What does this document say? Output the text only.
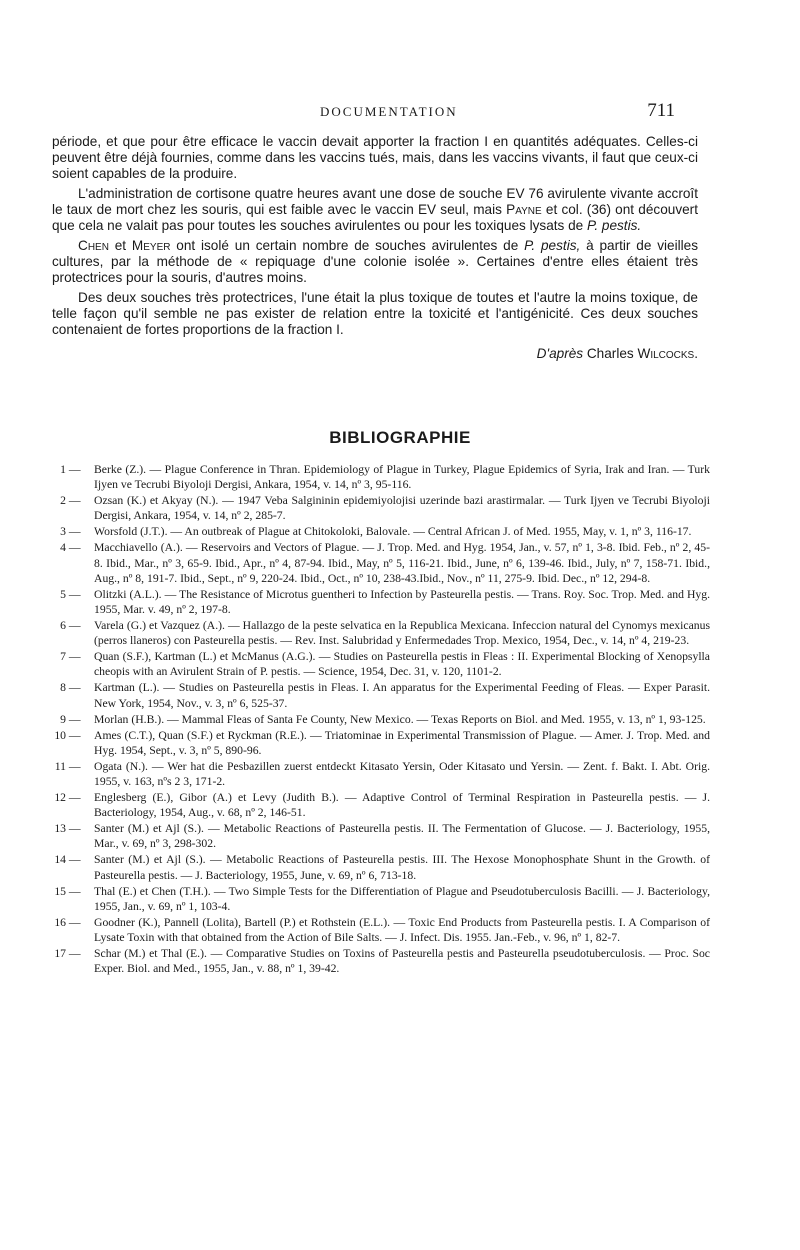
DOCUMENTATION	711

période, et que pour être efficace le vaccin devait apporter la fraction I en quantités adéquates. Celles-ci peuvent être déjà fournies, comme dans les vaccins tués, mais, dans les vaccins vivants, il faut que ceux-ci soient capables de la produire.

L'administration de cortisone quatre heures avant une dose de souche EV 76 avirulente vivante accroît le taux de mort chez les souris, qui est faible avec le vaccin EV seul, mais Payne et col. (36) ont découvert que cela ne valait pas pour toutes les souches avirulentes ou pour les toxiques lysats de P. pestis.

Chen et Meyer ont isolé un certain nombre de souches avirulentes de P. pestis, à partir de vieilles cultures, par la méthode de « repiquage d'une colonie isolée ». Certaines d'entre elles étaient très protectrices pour la souris, d'autres moins.

Des deux souches très protectrices, l'une était la plus toxique de toutes et l'autre la moins toxique, de telle façon qu'il semble ne pas exister de relation entre la toxicité et l'antigénicité. Ces deux souches contenaient de fortes proportions de la fraction I.

D'après Charles Wilcocks.

BIBLIOGRAPHIE
1 —	Berke (Z.). — Plague Conference in Thran. Epidemiology of Plague in Turkey, Plague Epidemics of Syria, Irak and Iran. — Turk Ijyen ve Tecrubi Biyoloji Dergisi, Ankara, 1954, v. 14, nº 3, 95-116.
2 —	Ozsan (K.) et Akyay (N.). — 1947 Veba Salgininin epidemiyolojisi uzerinde bazi arastirmalar. — Turk Ijyen ve Tecrubi Biyoloji Dergisi, Ankara, 1954, v. 14, nº 2, 285-7.
3 —	Worsfold (J.T.). — An outbreak of Plague at Chitokoloki, Balovale. — Central African J. of Med. 1955, May, v. 1, nº 3, 116-17.
4 —	Macchiavello (A.). — Reservoirs and Vectors of Plague. — J. Trop. Med. and Hyg. 1954, Jan., v. 57, nº 1, 3-8. Ibid. Feb., nº 2, 45-8. Ibid., Mar., nº 3, 65-9. Ibid., Apr., nº 4, 87-94. Ibid., May, nº 5, 116-21. Ibid., June, nº 6, 139-46. Ibid., July, nº 7, 158-71. Ibid., Aug., nº 8, 191-7. Ibid., Sept., nº 9, 220-24. Ibid., Oct., nº 10, 238-43.Ibid., Nov., nº 11, 275-9. Ibid. Dec., nº 12, 294-8.
5 —	Olitzki (A.L.). — The Resistance of Microtus guentheri to Infection by Pasteurella pestis. — Trans. Roy. Soc. Trop. Med. and Hyg. 1955, Mar. v. 49, nº 2, 197-8.
6 —	Varela (G.) et Vazquez (A.). — Hallazgo de la peste selvatica en la Republica Mexicana. Infeccion natural del Cynomys mexicanus (perros llaneros) con Pasteurella pestis. — Rev. Inst. Salubridad y Enfermedades Trop. Mexico, 1954, Dec., v. 14, nº 4, 219-23.
7 —	Quan (S.F.), Kartman (L.) et McManus (A.G.). — Studies on Pasteurella pestis in Fleas : II. Experimental Blocking of Xenopsylla cheopis with an Avirulent Strain of P. pestis. — Science, 1954, Dec. 31, v. 120, 1101-2.
8 —	Kartman (L.). — Studies on Pasteurella pestis in Fleas. I. An apparatus for the Experimental Feeding of Fleas. — Exper Parasit. New York, 1954, Nov., v. 3, nº 6, 525-37.
9 —	Morlan (H.B.). — Mammal Fleas of Santa Fe County, New Mexico. — Texas Reports on Biol. and Med. 1955, v. 13, nº 1, 93-125.
10 —	Ames (C.T.), Quan (S.F.) et Ryckman (R.E.). — Triatominae in Experimental Transmission of Plague. — Amer. J. Trop. Med. and Hyg. 1954, Sept., v. 3, nº 5, 890-96.
11 —	Ogata (N.). — Wer hat die Pesbazillen zuerst entdeckt Kitasato Yersin, Oder Kitasato und Yersin. — Zent. f. Bakt. I. Abt. Orig. 1955, v. 163, nºs 2 3, 171-2.
12 —	Englesberg (E.), Gibor (A.) et Levy (Judith B.). — Adaptive Control of Terminal Respiration in Pasteurella pestis. — J. Bacteriology, 1954, Aug., v. 68, nº 2, 146-51.
13 —	Santer (M.) et Ajl (S.). — Metabolic Reactions of Pasteurella pestis. II. The Fermentation of Glucose. — J. Bacteriology, 1955, Mar., v. 69, nº 3, 298-302.
14 —	Santer (M.) et Ajl (S.). — Metabolic Reactions of Pasteurella pestis. III. The Hexose Monophosphate Shunt in the Growth. of Pasteurella pestis. — J. Bacteriology, 1955, June, v. 69, nº 6, 713-18.
15 —	Thal (E.) et Chen (T.H.). — Two Simple Tests for the Differentiation of Plague and Pseudotuberculosis Bacilli. — J. Bacteriology, 1955, Jan., v. 69, nº 1, 103-4.
16 —	Goodner (K.), Pannell (Lolita), Bartell (P.) et Rothstein (E.L.). — Toxic End Products from Pasteurella pestis. I. A Comparison of Lysate Toxin with that obtained from the Action of Bile Salts. — J. Infect. Dis. 1955. Jan.-Feb., v. 96, nº 1, 82-7.
17 —	Schar (M.) et Thal (E.). — Comparative Studies on Toxins of Pasteurella pestis and Pasteurella pseudotuberculosis. — Proc. Soc Exper. Biol. and Med., 1955, Jan., v. 88, nº 1, 39-42.
